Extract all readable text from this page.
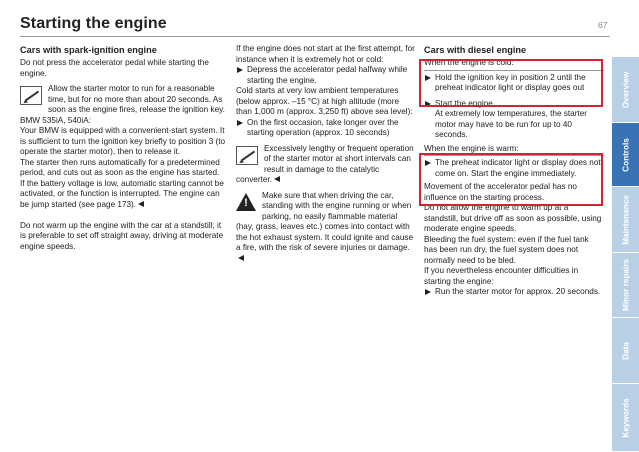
Starting the engine	67
Cars with spark-ignition engine

Do not press the accelerator pedal while starting the engine.

Allow the starter motor to run for a reasonable time, but for no more than about 20 seconds. As soon as the engine fires, release the ignition key.

BMW 535iA, 540iA:

Your BMW is equipped with a convenient-start system. It is sufficient to turn the ignition key briefly to position 3 (to operate the starter motor), then to release it.

The starter then runs automatically for a predetermined period, and cuts out as soon as the engine has started.

If the battery voltage is low, automatic starting cannot be activated, or the function is interrupted. The engine can be jump started (see page 173).

Do not warm up the engine with the car at a standstill; it is preferable to set off straight away, driving at moderate engine speeds.

If the engine does not start at the first attempt, for instance when it is extremely hot or cold:

Depress the accelerator pedal halfway while starting the engine.

Cold starts at very low ambient temperatures (below approx. –15 °C) at high altitude (more than 1,000 m (approx. 3,250 ft) above sea level):

On the first occasion, take longer over the starting operation (approx. 10 seconds)
Excessively lengthy or frequent operation of the starter motor at short intervals can result in damage to the catalytic converter.
!
Make sure that when driving the car, standing with the engine running or when parking, no easily flammable material (hay, grass, leaves etc.) comes into contact with the hot exhaust system. It could ignite and cause a fire, with the risk of severe injuries or damage.
Cars with diesel engine
When the engine is cold:
Hold the ignition key in position 2 until the preheat indicator light or display goes out
Start the engine.
At extremely low temperatures, the starter motor may have to be run for up to 40 seconds.
When the engine is warm:
The preheat indicator light or display does not come on. Start the engine immediately.

Movement of the accelerator pedal has no influence on the starting process.

Do not allow the engine to warm up at a standstill, but drive off as soon as possible, using moderate engine speeds.

Bleeding the fuel system: even if the fuel tank has been run dry, the fuel system does not normally need to be bled.

If you nevertheless encounter difficulties in starting the engine:

Run the starter motor for approx. 20 seconds.
Overview
Controls
Maintenance
Minor repairs
Data
Keywords
